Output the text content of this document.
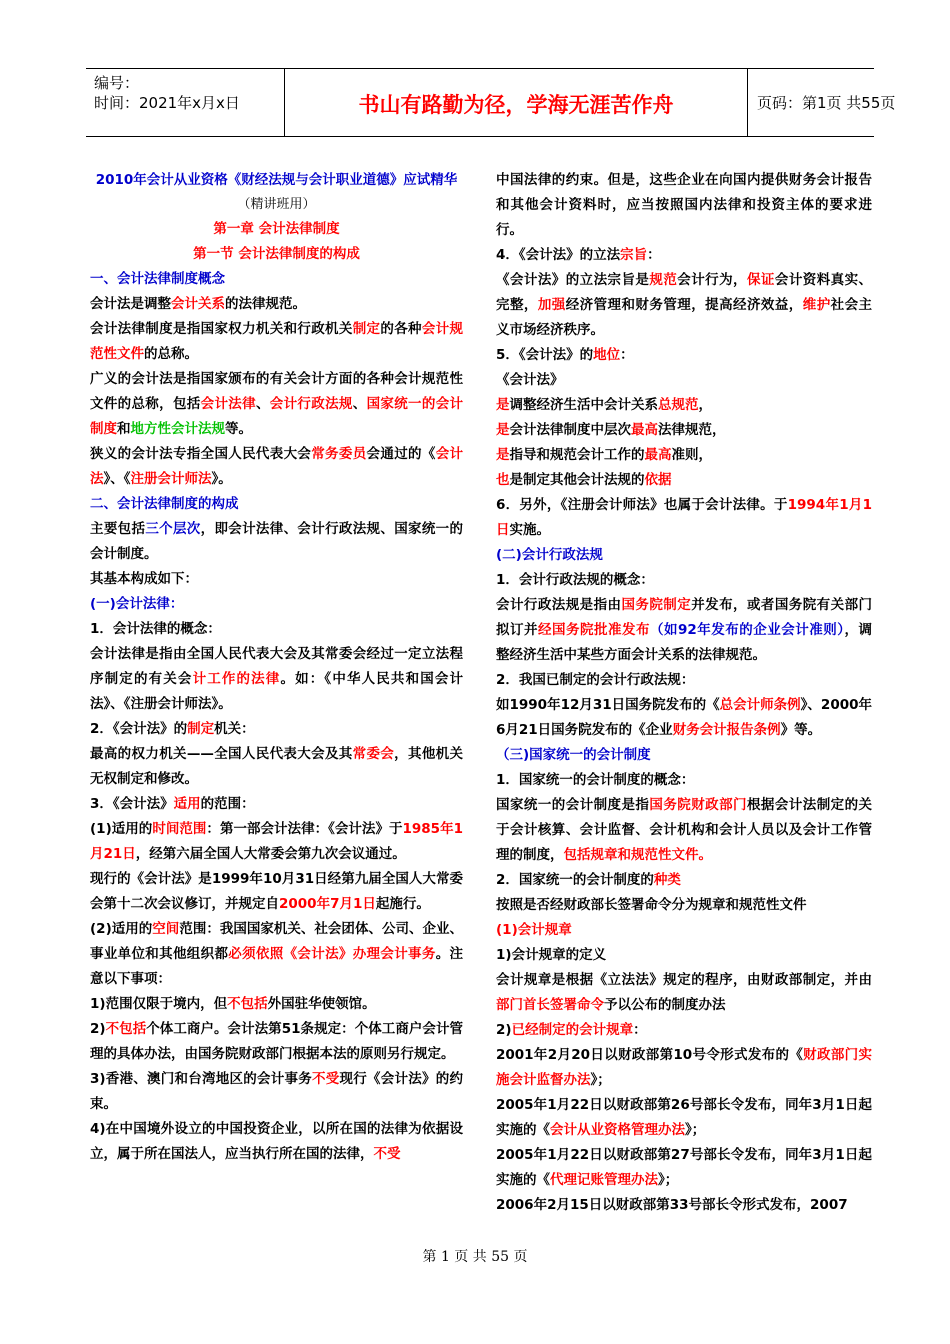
编号：
时间：2021年x月x日	书山有路勤为径，学海无涯苦作舟	页码：第1页 共55页

2010年会计从业资格《财经法规与会计职业道德》应试精华

（精讲班用）

第一章 会计法律制度

第一节 会计法律制度的构成

一、会计法律制度概念

会计法是调整会计关系的法律规范。

会计法律制度是指国家权力机关和行政机关制定的各种会计规范性文件的总称。

广义的会计法是指国家颁布的有关会计方面的各种会计规范性文件的总称，包括会计法律、会计行政法规、国家统一的会计制度和地方性会计法规等。

狭义的会计法专指全国人民代表大会常务委员会通过的《会计法》、《注册会计师法》。

二、会计法律制度的构成

主要包括三个层次，即会计法律、会计行政法规、国家统一的会计制度。

其基本构成如下：

(一)会计法律：

1．会计法律的概念：

会计法律是指由全国人民代表大会及其常委会经过一定立法程序制定的有关会计工作的法律。如：《中华人民共和国会计法》、《注册会计师法》。

2．《会计法》的制定机关：

最高的权力机关——全国人民代表大会及其常委会，其他机关无权制定和修改。

3．《会计法》适用的范围：

(1)适用的时间范围：第一部会计法律：《会计法》于1985年1月21日，经第六届全国人大常委会第九次会议通过。

现行的《会计法》是1999年10月31日经第九届全国人大常委会第十二次会议修订，并规定自2000年7月1日起施行。

(2)适用的空间范围：我国国家机关、社会团体、公司、企业、事业单位和其他组织都必须依照《会计法》办理会计事务。注意以下事项：

1)范围仅限于境内，但不包括外国驻华使领馆。

2)不包括个体工商户。会计法第51条规定：个体工商户会计管理的具体办法，由国务院财政部门根据本法的原则另行规定。

3)香港、澳门和台湾地区的会计事务不受现行《会计法》的约束。

4)在中国境外设立的中国投资企业，以所在国的法律为依据设立，属于所在国法人，应当执行所在国的法律，不受

中国法律的约束。但是，这些企业在向国内提供财务会计报告和其他会计资料时，应当按照国内法律和投资主体的要求进行。

4．《会计法》的立法宗旨：

《会计法》的立法宗旨是规范会计行为，保证会计资料真实、完整，加强经济管理和财务管理，提高经济效益，维护社会主义市场经济秩序。

5．《会计法》的地位：

《会计法》

是调整经济生活中会计关系总规范，

是会计法律制度中层次最高法律规范，

是指导和规范会计工作的最高准则，

也是制定其他会计法规的依据

6．另外，《注册会计师法》也属于会计法律。于1994年1月1日实施。

(二)会计行政法规

1．会计行政法规的概念：

会计行政法规是指由国务院制定并发布，或者国务院有关部门拟订并经国务院批准发布（如92年发布的企业会计准则），调整经济生活中某些方面会计关系的法律规范。

2．我国已制定的会计行政法规：

如1990年12月31日国务院发布的《总会计师条例》、2000年6月21日国务院发布的《企业财务会计报告条例》等。

（三)国家统一的会计制度

1．国家统一的会计制度的概念：

国家统一的会计制度是指国务院财政部门根据会计法制定的关于会计核算、会计监督、会计机构和会计人员以及会计工作管理的制度，包括规章和规范性文件。

2．国家统一的会计制度的种类

按照是否经财政部长签署命令分为规章和规范性文件

(1)会计规章

1)会计规章的定义

会计规章是根据《立法法》规定的程序，由财政部制定，并由部门首长签署命令予以公布的制度办法

2)已经制定的会计规章：

2001年2月20日以财政部第10号令形式发布的《财政部门实施会计监督办法》；

2005年1月22日以财政部第26号部长令发布，同年3月1日起实施的《会计从业资格管理办法》；

2005年1月22日以财政部第27号部长令发布，同年3月1日起实施的《代理记账管理办法》；

2006年2月15日以财政部第33号部长令形式发布，2007

第 1 页 共 55 页
